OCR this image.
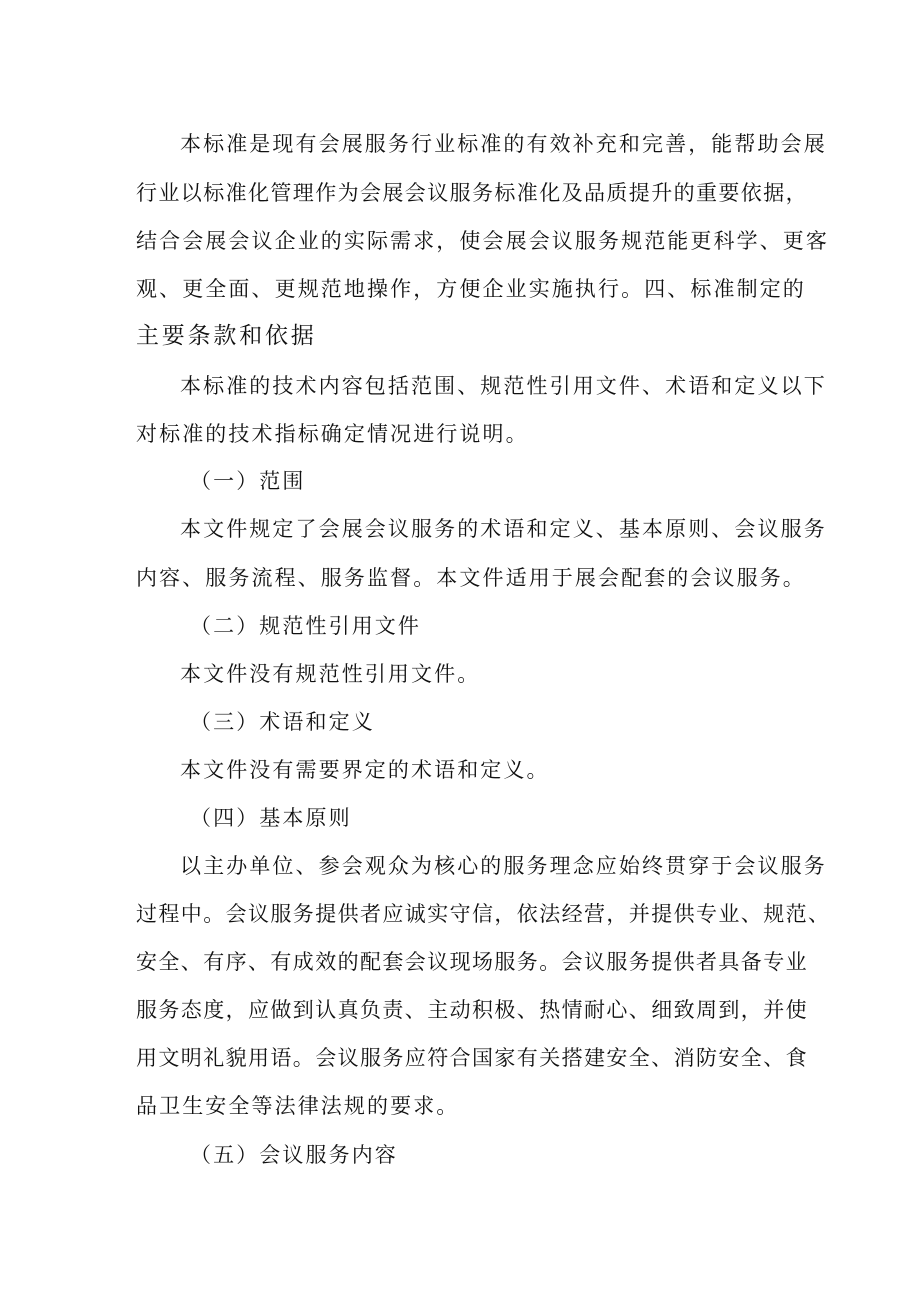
本标准是现有会展服务行业标准的有效补充和完善，能帮助会展

行业以标准化管理作为会展会议服务标准化及品质提升的重要依据，

结合会展会议企业的实际需求，使会展会议服务规范能更科学、更客

观、更全面、更规范地操作，方便企业实施执行。四、标准制定的

主要条款和依据

本标准的技术内容包括范围、规范性引用文件、术语和定义以下

对标准的技术指标确定情况进行说明。

（一）范围

本文件规定了会展会议服务的术语和定义、基本原则、会议服务

内容、服务流程、服务监督。本文件适用于展会配套的会议服务。

（二）规范性引用文件

本文件没有规范性引用文件。

（三）术语和定义

本文件没有需要界定的术语和定义。

（四）基本原则

以主办单位、参会观众为核心的服务理念应始终贯穿于会议服务

过程中。会议服务提供者应诚实守信，依法经营，并提供专业、规范、

安全、有序、有成效的配套会议现场服务。会议服务提供者具备专业

服务态度，应做到认真负责、主动积极、热情耐心、细致周到，并使

用文明礼貌用语。会议服务应符合国家有关搭建安全、消防安全、食

品卫生安全等法律法规的要求。

（五）会议服务内容
